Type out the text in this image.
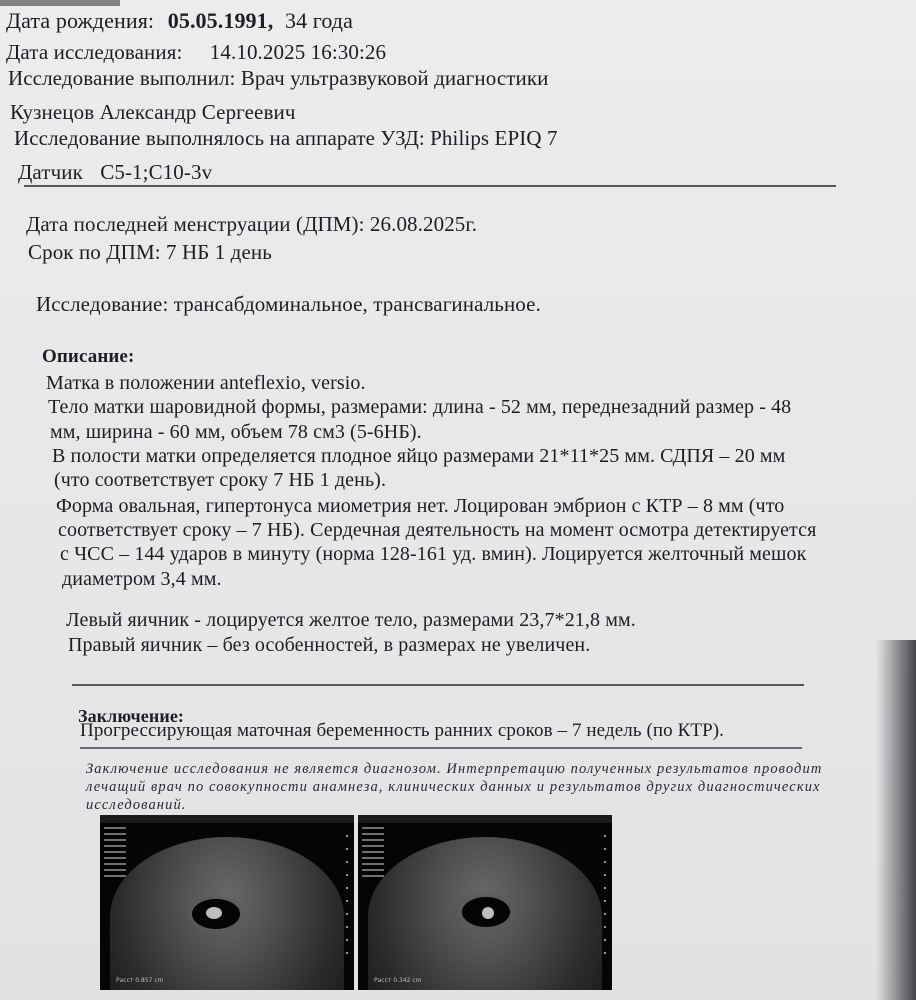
Дата рождения: 05.05.1991, 34 года
Дата исследования: 14.10.2025 16:30:26
Исследование выполнил: Врач ультразвуковой диагностики
Кузнецов Александр Сергеевич
Исследование выполнялось на аппарате УЗД: Philips EPIQ 7
Датчик С5-1;С10-3v
Дата последней менструации (ДПМ): 26.08.2025г.
Срок по ДПМ: 7 НБ 1 день
Исследование: трансабдоминальное, трансвагинальное.
Описание:
Матка в положении anteflexio, versio.
Тело матки шаровидной формы, размерами: длина - 52 мм, переднезадний размер - 48
мм, ширина - 60 мм, объем 78 см3 (5-6НБ).
В полости матки определяется плодное яйцо размерами 21*11*25 мм. СДПЯ – 20 мм
(что соответствует сроку 7 НБ 1 день).
Форма овальная, гипертонуса миометрия нет. Лоцирован эмбрион с КТР – 8 мм (что
соответствует сроку – 7 НБ). Сердечная деятельность на момент осмотра детектируется
с ЧСС – 144 ударов в минуту (норма 128-161 уд. вмин). Лоцируется желточный мешок
диаметром 3,4 мм.
Левый яичник - лоцируется желтое тело, размерами 23,7*21,8 мм.
Правый яичник – без особенностей, в размерах не увеличен.
Заключение:
Прогрессирующая маточная беременность ранних сроков – 7 недель (по КТР).
Заключение исследования не является диагнозом. Интерпретацию полученных результатов проводит лечащий врач по совокупности анамнеза, клинических данных и результатов других диагностических исследований.
Расст 0.857 cm	Расст 0.342 cm
